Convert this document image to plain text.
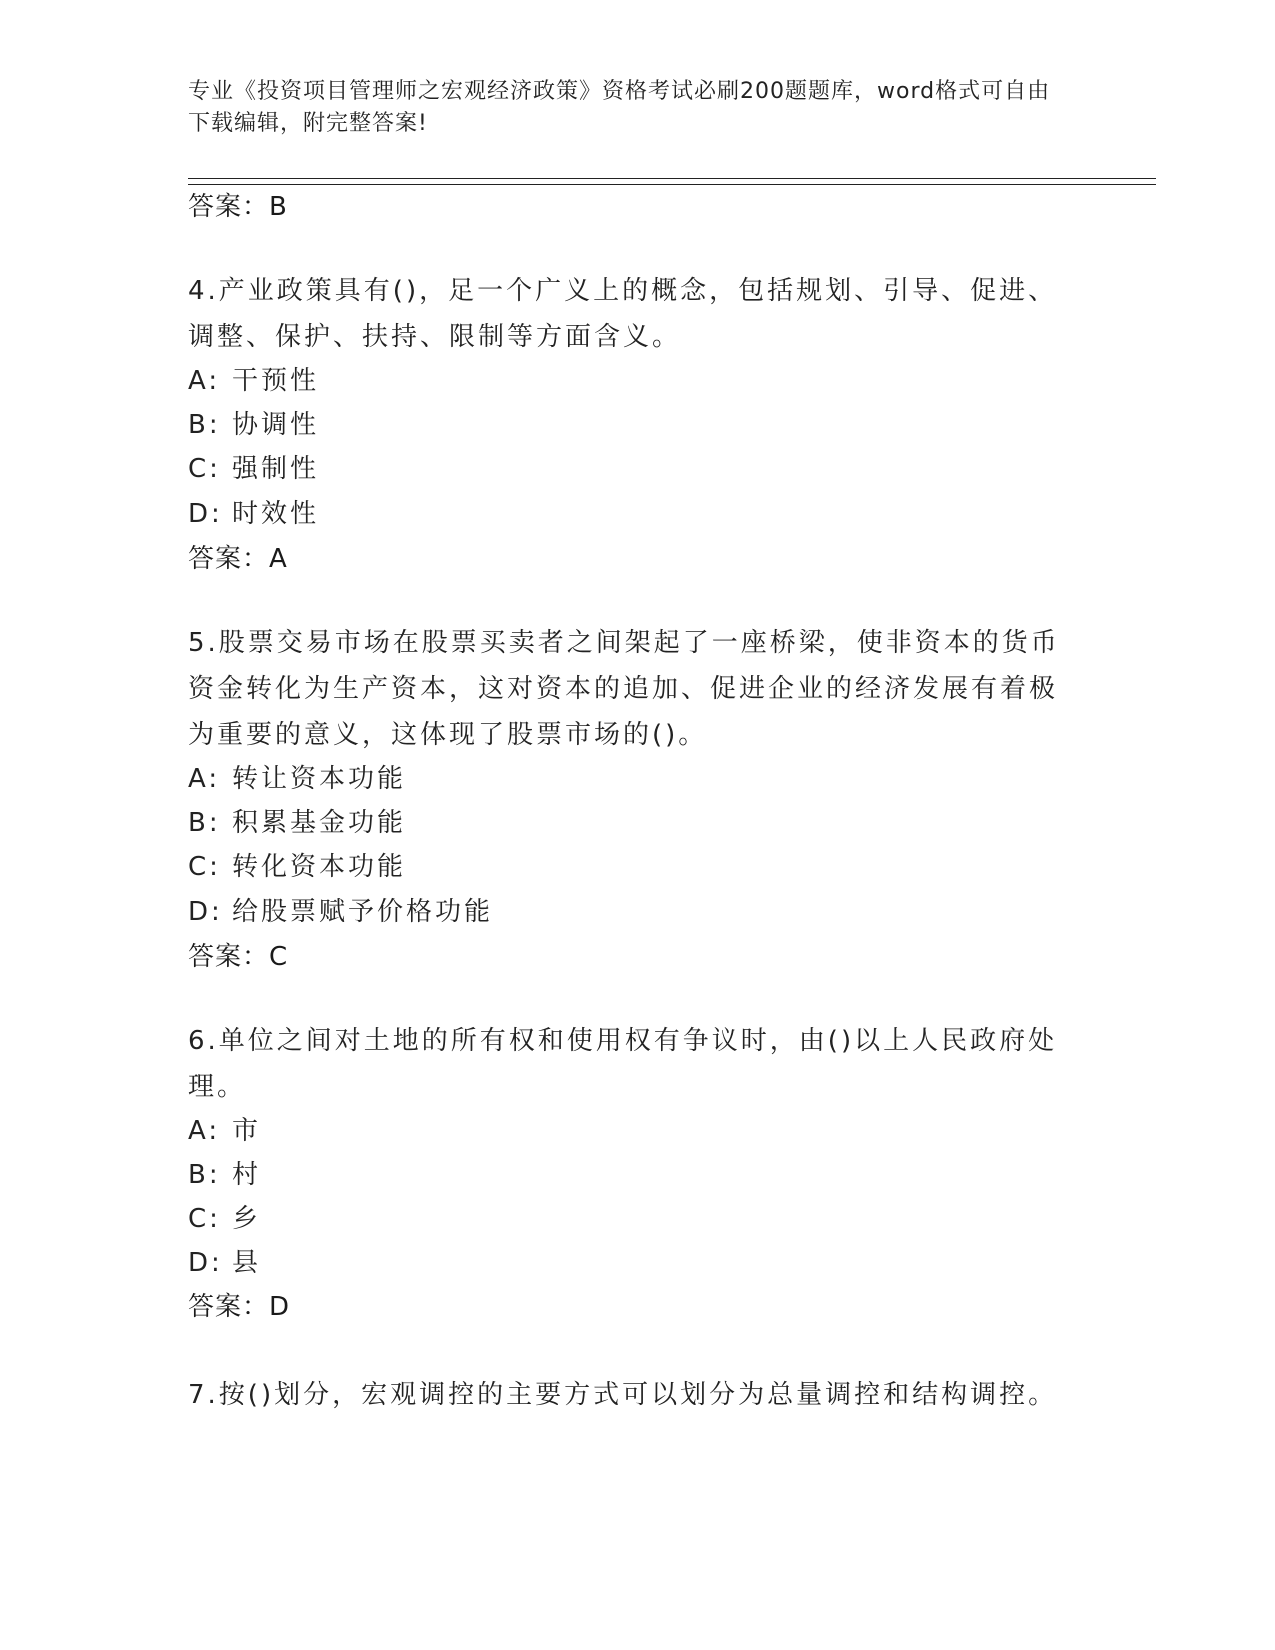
专业《投资项目管理师之宏观经济政策》资格考试必刷200题题库，word格式可自由下载编辑，附完整答案!
答案：B
4.产业政策具有()，足一个广义上的概念，包括规划、引导、促进、调整、保护、扶持、限制等方面含义。
A: 干预性
B: 协调性
C: 强制性
D: 时效性
答案：A
5.股票交易市场在股票买卖者之间架起了一座桥梁，使非资本的货币资金转化为生产资本，这对资本的追加、促进企业的经济发展有着极为重要的意义，这体现了股票市场的()。
A: 转让资本功能
B: 积累基金功能
C: 转化资本功能
D: 给股票赋予价格功能
答案：C
6.单位之间对土地的所有权和使用权有争议时，由()以上人民政府处理。
A: 市
B: 村
C: 乡
D: 县
答案：D
7.按()划分，宏观调控的主要方式可以划分为总量调控和结构调控。
